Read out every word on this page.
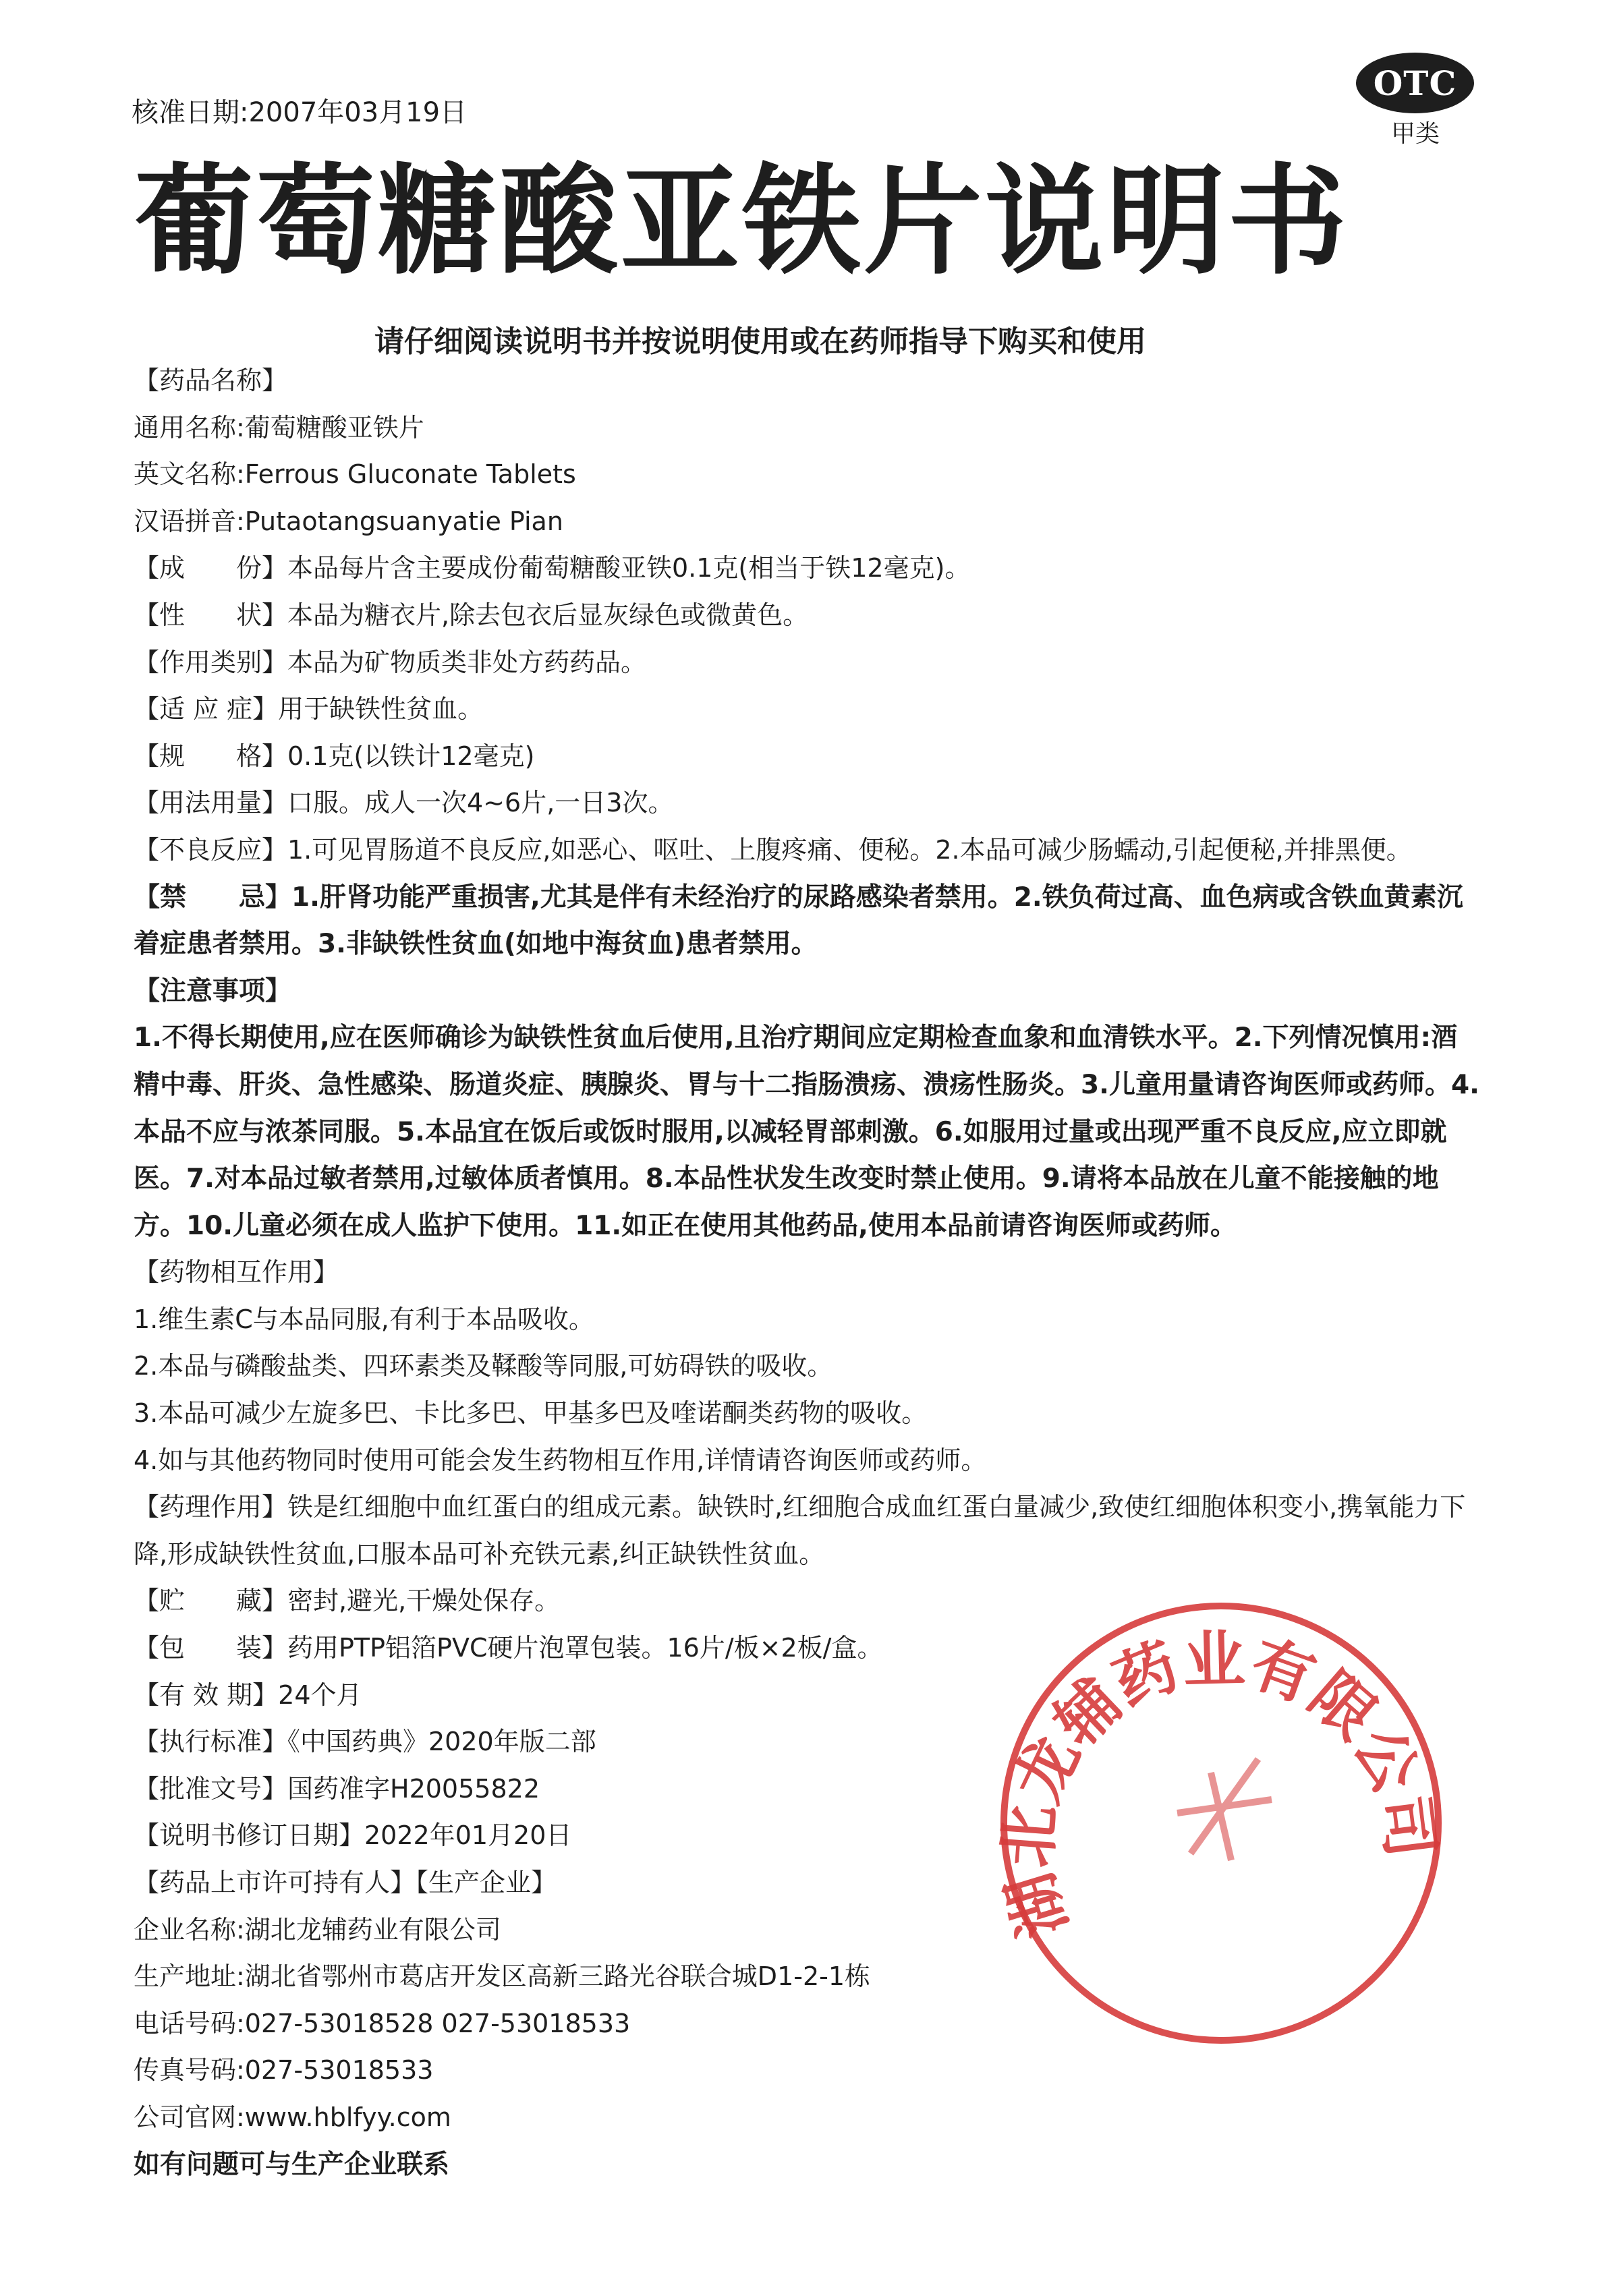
核准日期:2007年03月19日
OTC
甲类
葡萄糖酸亚铁片说明书
请仔细阅读说明书并按说明使用或在药师指导下购买和使用
【药品名称】
通用名称:葡萄糖酸亚铁片
英文名称:Ferrous Gluconate Tablets
汉语拼音:Putaotangsuanyatie Pian
【成　　份】本品每片含主要成份葡萄糖酸亚铁0.1克(相当于铁12毫克)。
【性　　状】本品为糖衣片,除去包衣后显灰绿色或微黄色。
【作用类别】本品为矿物质类非处方药药品。
【适 应 症】用于缺铁性贫血。
【规　　格】0.1克(以铁计12毫克)
【用法用量】口服。成人一次4~6片,一日3次。
【不良反应】1.可见胃肠道不良反应,如恶心、呕吐、上腹疼痛、便秘。2.本品可减少肠蠕动,引起便秘,并排黑便。
【禁　　忌】1.肝肾功能严重损害,尤其是伴有未经治疗的尿路感染者禁用。2.铁负荷过高、血色病或含铁血黄素沉着症患者禁用。3.非缺铁性贫血(如地中海贫血)患者禁用。
【注意事项】
1.不得长期使用,应在医师确诊为缺铁性贫血后使用,且治疗期间应定期检查血象和血清铁水平。2.下列情况慎用:酒精中毒、肝炎、急性感染、肠道炎症、胰腺炎、胃与十二指肠溃疡、溃疡性肠炎。3.儿童用量请咨询医师或药师。4.本品不应与浓茶同服。5.本品宜在饭后或饭时服用,以减轻胃部刺激。6.如服用过量或出现严重不良反应,应立即就医。7.对本品过敏者禁用,过敏体质者慎用。8.本品性状发生改变时禁止使用。9.请将本品放在儿童不能接触的地方。10.儿童必须在成人监护下使用。11.如正在使用其他药品,使用本品前请咨询医师或药师。
【药物相互作用】
1.维生素C与本品同服,有利于本品吸收。
2.本品与磷酸盐类、四环素类及鞣酸等同服,可妨碍铁的吸收。
3.本品可减少左旋多巴、卡比多巴、甲基多巴及喹诺酮类药物的吸收。
4.如与其他药物同时使用可能会发生药物相互作用,详情请咨询医师或药师。
【药理作用】铁是红细胞中血红蛋白的组成元素。缺铁时,红细胞合成血红蛋白量减少,致使红细胞体积变小,携氧能力下降,形成缺铁性贫血,口服本品可补充铁元素,纠正缺铁性贫血。
【贮　　藏】密封,避光,干燥处保存。
【包　　装】药用PTP铝箔PVC硬片泡罩包装。16片/板×2板/盒。
【有 效 期】24个月
【执行标准】《中国药典》2020年版二部
【批准文号】国药准字H20055822
【说明书修订日期】2022年01月20日
【药品上市许可持有人】【生产企业】
企业名称:湖北龙辅药业有限公司
生产地址:湖北省鄂州市葛店开发区高新三路光谷联合城D1-2-1栋
电话号码:027-53018528 027-53018533
传真号码:027-53018533
公司官网:www.hblfyy.com
如有问题可与生产企业联系
湖北龙辅药业有限公司
